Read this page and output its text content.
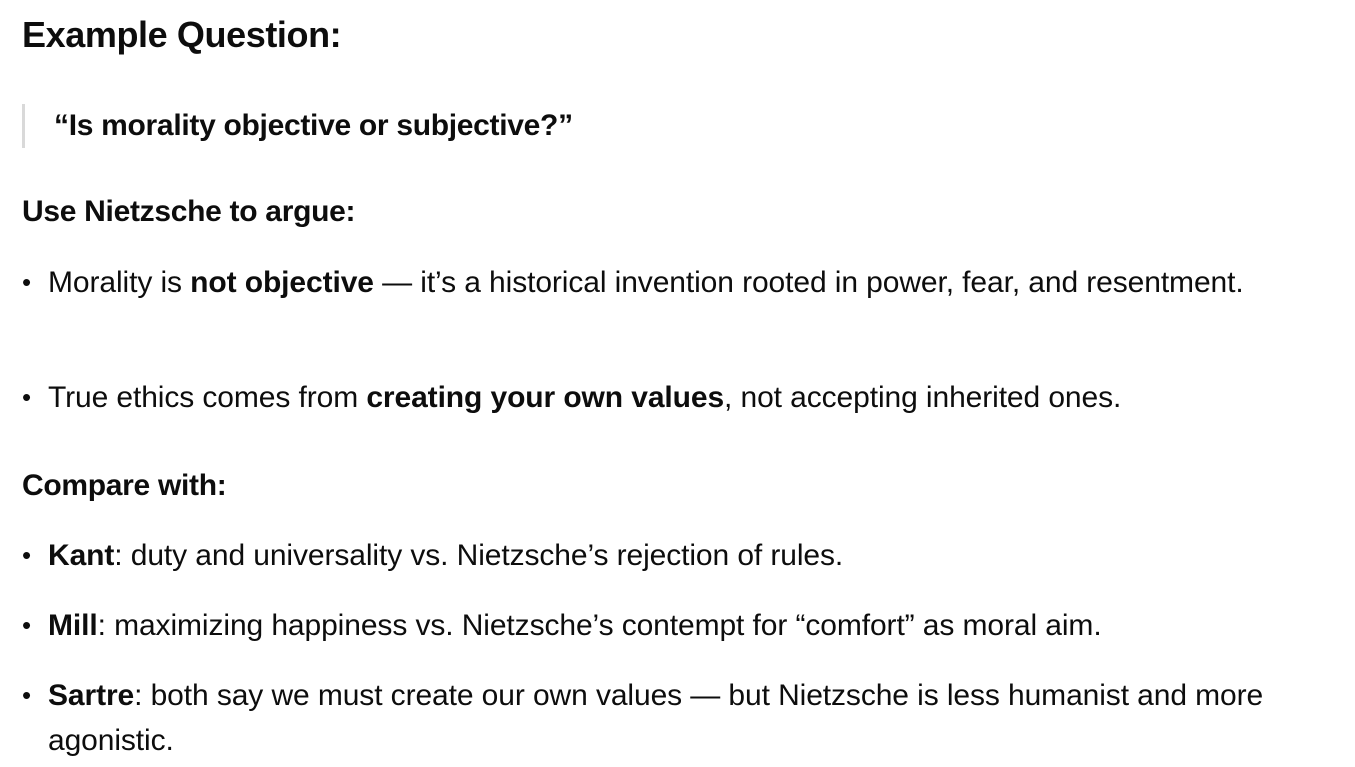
Example Question:
“Is morality objective or subjective?”
Use Nietzsche to argue:
• Morality is not objective — it’s a historical invention rooted in power, fear, and resentment.
• True ethics comes from creating your own values, not accepting inherited ones.
Compare with:
• Kant: duty and universality vs. Nietzsche’s rejection of rules.
• Mill: maximizing happiness vs. Nietzsche’s contempt for “comfort” as moral aim.
• Sartre: both say we must create our own values — but Nietzsche is less humanist and more agonistic.
